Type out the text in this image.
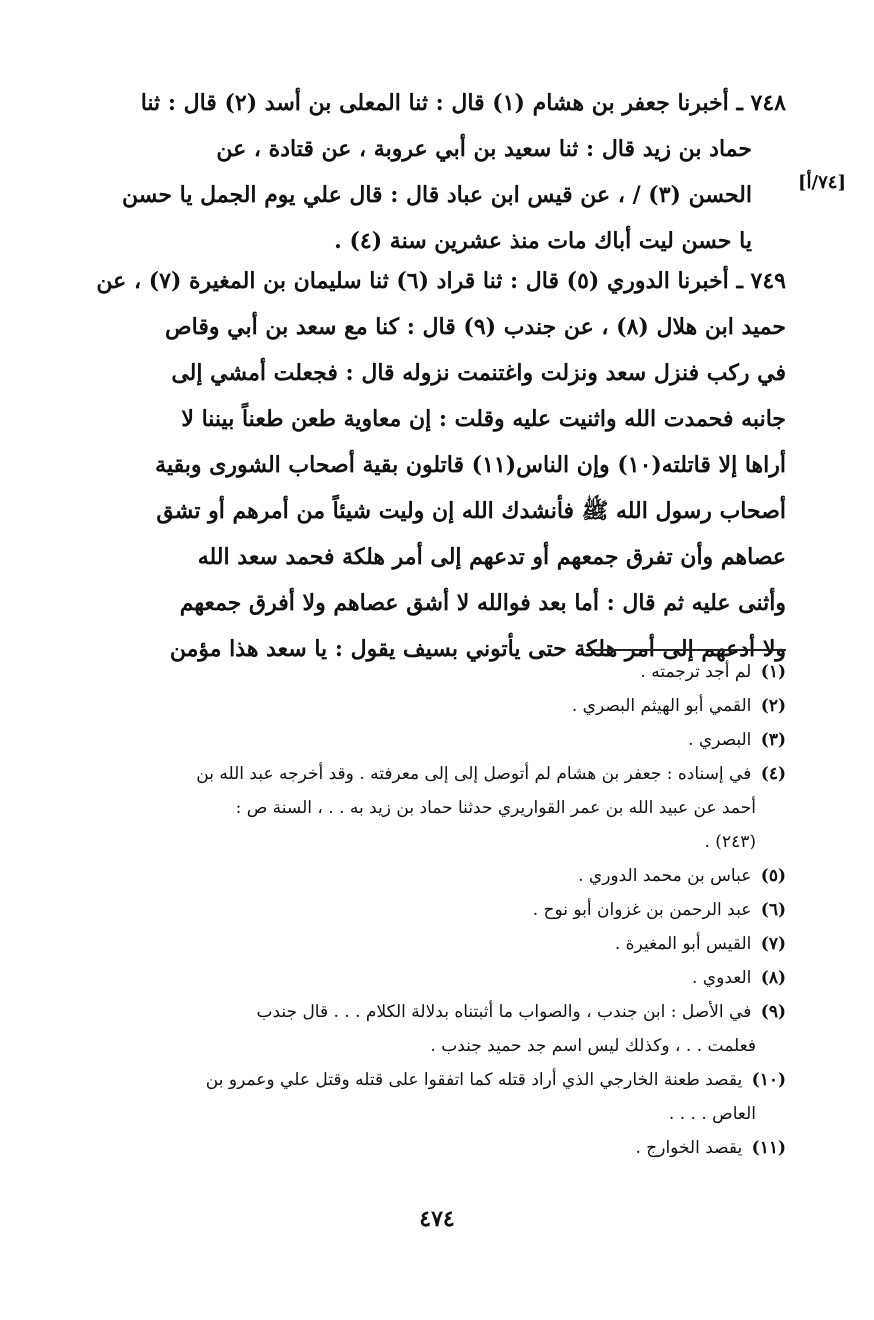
[٧٤/أ]
٧٤٨ ـ أخبرنا جعفر بن هشام (١) قال : ثنا المعلى بن أسد (٢) قال : ثنا
حماد بن زيد قال : ثنا سعيد بن أبي عروبة ، عن قتادة ، عن
الحسن (٣) / ، عن قيس ابن عباد قال : قال علي يوم الجمل يا حسن
يا حسن ليت أباك مات منذ عشرين سنة (٤) .
٧٤٩ ـ أخبرنا الدوري (٥) قال : ثنا قراد (٦) ثنا سليمان بن المغيرة (٧) ، عن
حميد ابن هلال (٨) ، عن جندب (٩) قال : كنا مع سعد بن أبي وقاص
في ركب فنزل سعد ونزلت واغتنمت نزوله قال : فجعلت أمشي إلى
جانبه فحمدت الله واثنيت عليه وقلت : إن معاوية طعن طعناً بيننا لا
أراها إلا قاتلته(١٠) وإن الناس(١١) قاتلون بقية أصحاب الشورى وبقية
أصحاب رسول الله ﷺ فأنشدك الله إن وليت شيئاً من أمرهم أو تشق
عصاهم وأن تفرق جمعهم أو تدعهم إلى أمر هلكة فحمد سعد الله
وأثنى عليه ثم قال : أما بعد فوالله لا أشق عصاهم ولا أفرق جمعهم
ولا أدعهم إلى أمر هلكة حتى يأتوني بسيف يقول : يا سعد هذا مؤمن
(١) لم أجد ترجمته .
(٢) القمي أبو الهيثم البصري .
(٣) البصري .
(٤) في إسناده : جعفر بن هشام لم أتوصل إلى إلى معرفته . وقد أخرجه عبد الله بن
أحمد عن عبيد الله بن عمر القواريري حدثنا حماد بن زيد به . . ، السنة ص :
(٢٤٣) .
(٥) عباس بن محمد الدوري .
(٦) عبد الرحمن بن غزوان أبو نوح .
(٧) القيس أبو المغيرة .
(٨) العدوي .
(٩) في الأصل : ابن جندب ، والصواب ما أثبتناه بدلالة الكلام . . . قال جندب
فعلمت . . ، وكذلك ليس اسم جد حميد جندب .
(١٠) يقصد طعنة الخارجي الذي أراد قتله كما اتفقوا على قتله وقتل علي وعمرو بن
العاص . . . .
(١١) يقصد الخوارج .
٤٧٤
